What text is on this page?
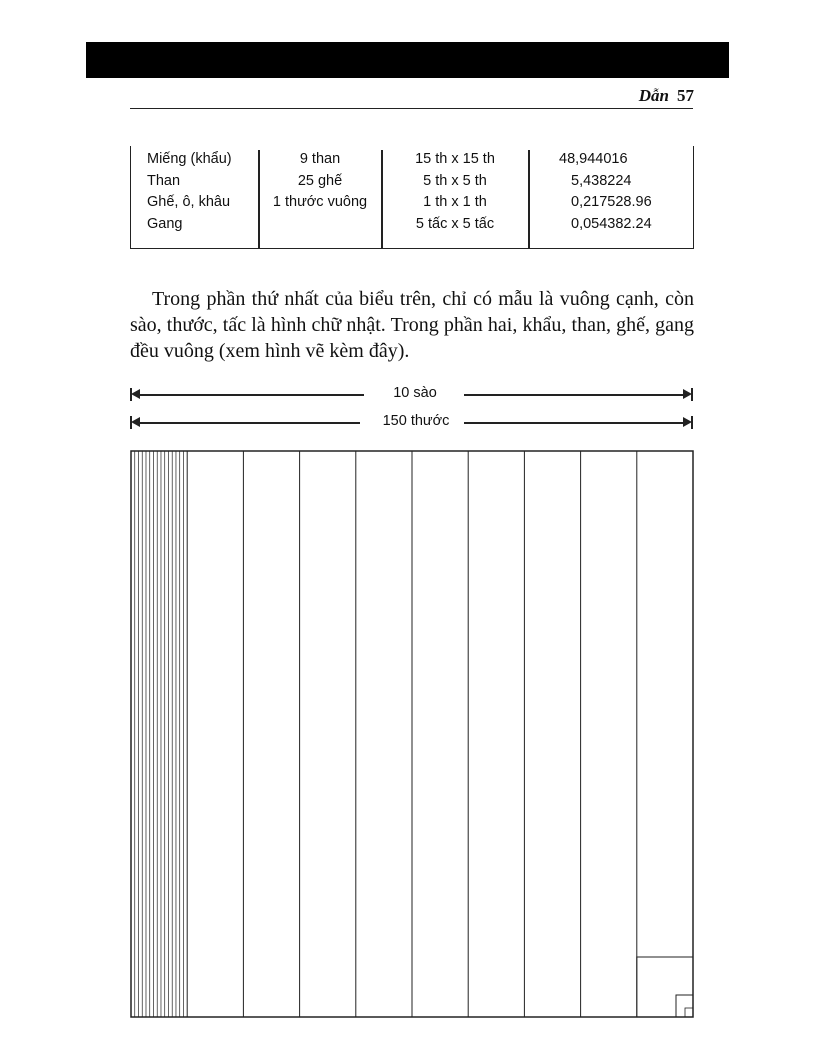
Dẫn 57
Miếng (khẩu)
Than
Ghế, ô, khâu
Gang
9 than
25 ghế
1 thước vuông
15 th x 15 th
5 th x 5 th
1 th x 1 th
5 tấc x 5 tấc
48,944016
5,438224
0,217528.96
0,054382.24

Trong phần thứ nhất của biểu trên, chỉ có mẫu là vuông cạnh, còn sào, thước, tấc là hình chữ nhật. Trong phần hai, khẩu, than, ghế, gang đều vuông (xem hình vẽ kèm đây).

10 sào
150 thước
